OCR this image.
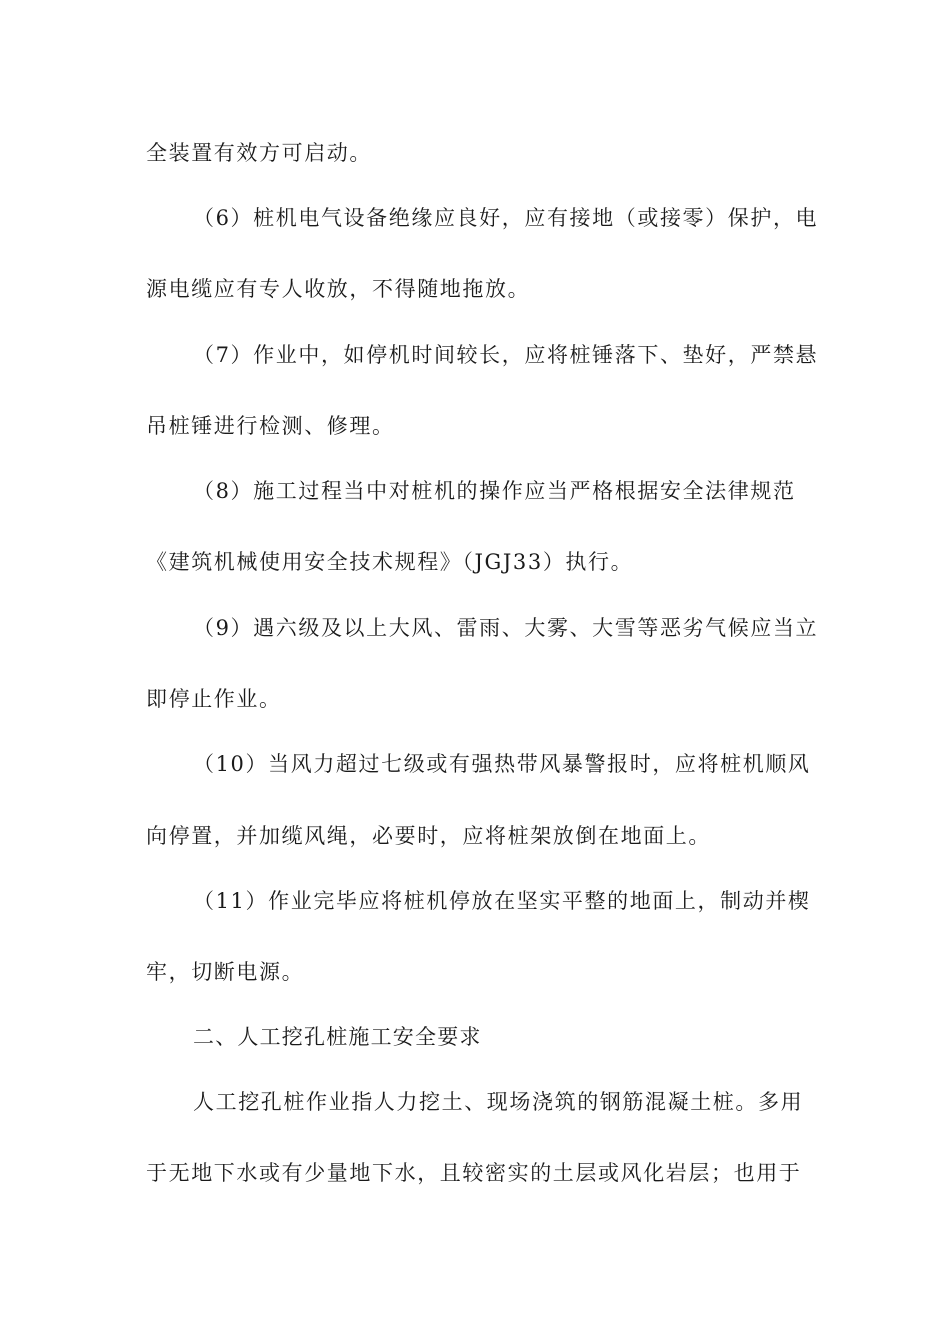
全装置有效方可启动。
（6）桩机电气设备绝缘应良好，应有接地（或接零）保护，电
源电缆应有专人收放，不得随地拖放。
（7）作业中，如停机时间较长，应将桩锤落下、垫好，严禁悬
吊桩锤进行检测、修理。
（8）施工过程当中对桩机的操作应当严格根据安全法律规范
《建筑机械使用安全技术规程》（JGJ33）执行。
（9）遇六级及以上大风、雷雨、大雾、大雪等恶劣气候应当立
即停止作业。
（10）当风力超过七级或有强热带风暴警报时，应将桩机顺风
向停置，并加缆风绳，必要时，应将桩架放倒在地面上。
（11）作业完毕应将桩机停放在坚实平整的地面上，制动并楔
牢，切断电源。
二、人工挖孔桩施工安全要求
人工挖孔桩作业指人力挖土、现场浇筑的钢筋混凝土桩。多用
于无地下水或有少量地下水，且较密实的土层或风化岩层；也用于
